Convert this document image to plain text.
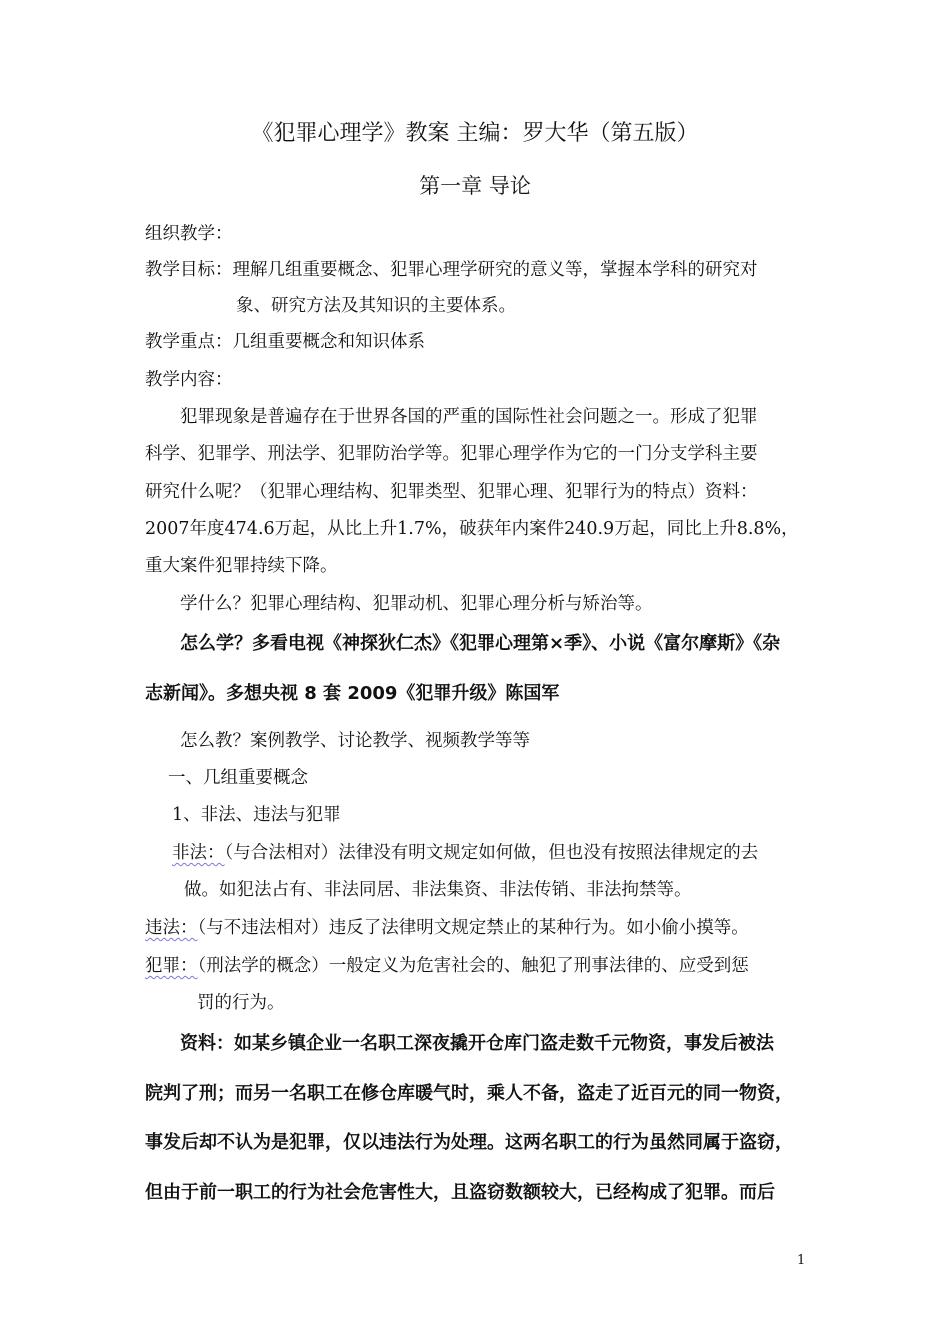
《犯罪心理学》教案 主编：罗大华（第五版）
第一章 导论
组织教学：
教学目标：理解几组重要概念、犯罪心理学研究的意义等，掌握本学科的研究对
象、研究方法及其知识的主要体系。
教学重点：几组重要概念和知识体系
教学内容：
犯罪现象是普遍存在于世界各国的严重的国际性社会问题之一。形成了犯罪
科学、犯罪学、刑法学、犯罪防治学等。犯罪心理学作为它的一门分支学科主要
研究什么呢？（犯罪心理结构、犯罪类型、犯罪心理、犯罪行为的特点）资料：
2007年度474.6万起，从比上升1.7%，破获年内案件240.9万起，同比上升8.8%，
重大案件犯罪持续下降。
学什么？犯罪心理结构、犯罪动机、犯罪心理分析与矫治等。
怎么学？多看电视《神探狄仁杰》《犯罪心理第×季》、小说《富尔摩斯》《杂
志新闻》。多想央视 8 套 2009《犯罪升级》陈国军
怎么教？案例教学、讨论教学、视频教学等等
一、几组重要概念
1、非法、违法与犯罪
非法：（与合法相对）法律没有明文规定如何做，但也没有按照法律规定的去
做。如犯法占有、非法同居、非法集资、非法传销、非法拘禁等。
违法：（与不违法相对）违反了法律明文规定禁止的某种行为。如小偷小摸等。
犯罪：（刑法学的概念）一般定义为危害社会的、触犯了刑事法律的、应受到惩
罚的行为。
资料：如某乡镇企业一名职工深夜撬开仓库门盗走数千元物资，事发后被法
院判了刑；而另一名职工在修仓库暖气时，乘人不备，盗走了近百元的同一物资，
事发后却不认为是犯罪，仅以违法行为处理。这两名职工的行为虽然同属于盗窃，
但由于前一职工的行为社会危害性大，且盗窃数额较大，已经构成了犯罪。而后
1
